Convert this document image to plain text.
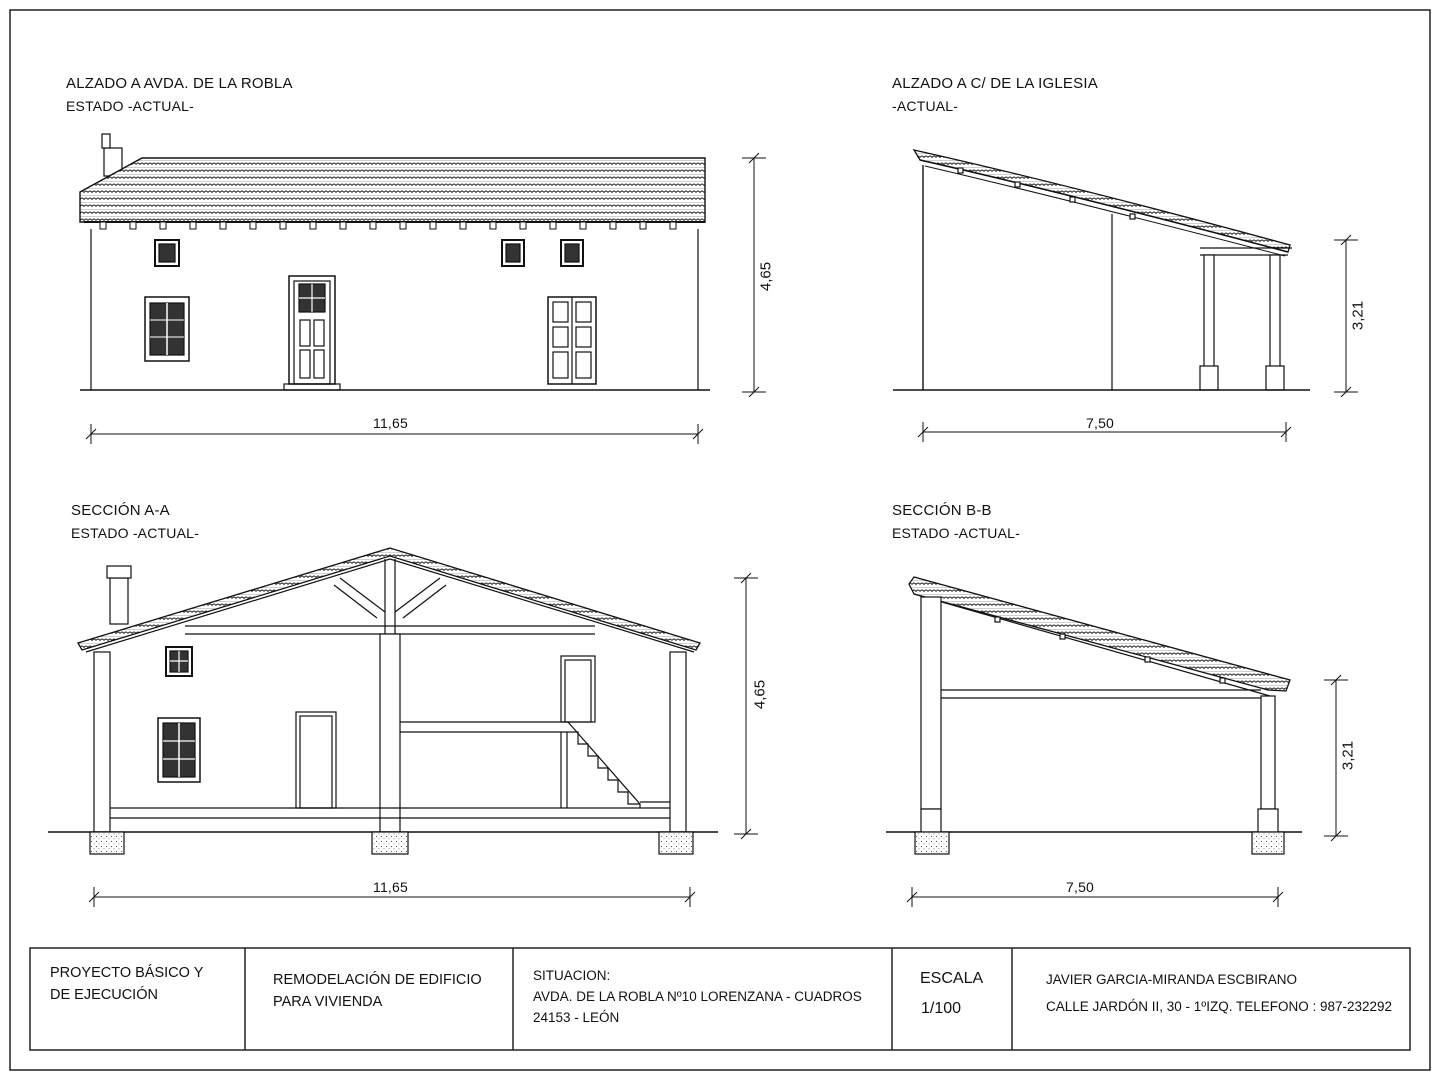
ALZADO A AVDA. DE LA ROBLA
ESTADO -ACTUAL-
ALZADO A C/ DE LA IGLESIA
-ACTUAL-
SECCIÓN A-A
ESTADO -ACTUAL-
SECCIÓN B-B
ESTADO -ACTUAL-
11,65
4,65
7,50
3,21
11,65
4,65
7,50
3,21
PROYECTO BÁSICO Y
DE EJECUCIÓN
REMODELACIÓN DE EDIFICIO
PARA VIVIENDA
SITUACION:
AVDA. DE LA ROBLA Nº10 LORENZANA - CUADROS
24153 - LEÓN
ESCALA
1/100
JAVIER GARCIA-MIRANDA ESCBIRANO
CALLE JARDÓN II, 30 - 1ºIZQ. TELEFONO : 987-232292
